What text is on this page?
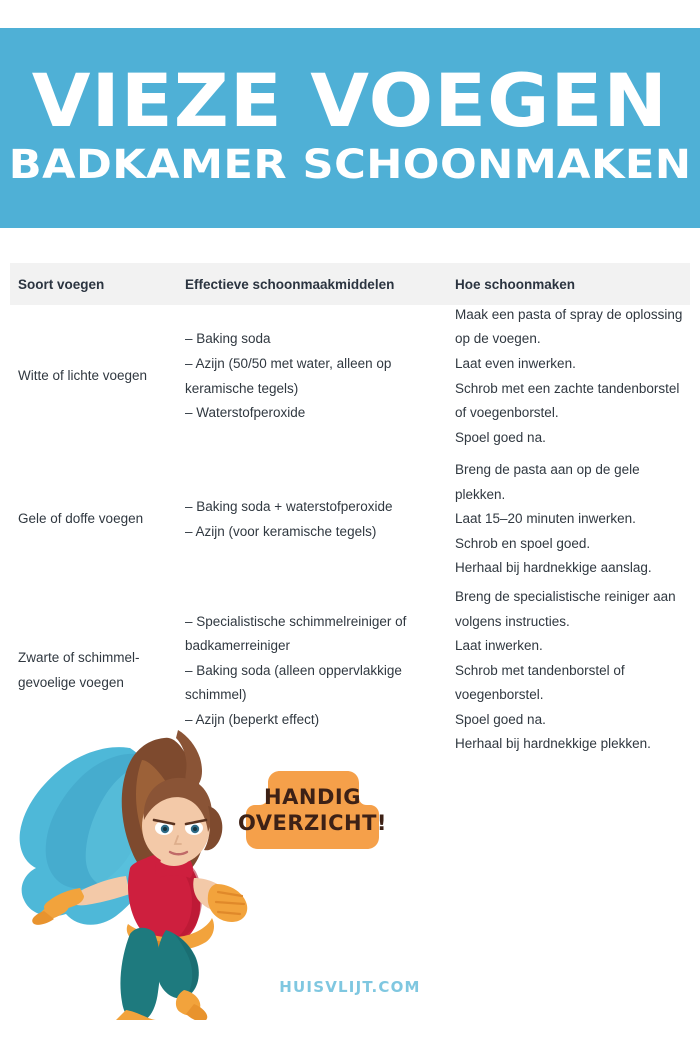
VIEZE VOEGEN
BADKAMER SCHOONMAKEN
Soort voegen	Effectieve schoonmaakmiddelen	Hoe schoonmaken
Witte of lichte voegen
– Baking soda
– Azijn (50/50 met water, alleen op keramische tegels)
– Waterstofperoxide
Maak een pasta of spray de oplossing op de voegen.
Laat even inwerken.
Schrob met een zachte tandenborstel of voegenborstel.
Spoel goed na.
Gele of doffe voegen
– Baking soda + waterstofperoxide
– Azijn (voor keramische tegels)
Breng de pasta aan op de gele plekken.
Laat 15–20 minuten inwerken.
Schrob en spoel goed.
Herhaal bij hardnekkige aanslag.
Zwarte of schimmel-gevoelige voegen
– Specialistische schimmelreiniger of badkamerreiniger
– Baking soda (alleen oppervlakkige schimmel)
– Azijn (beperkt effect)
Breng de specialistische reiniger aan volgens instructies.
Laat inwerken.
Schrob met tandenborstel of voegenborstel.
Spoel goed na.
Herhaal bij hardnekkige plekken.
HANDIG
OVERZICHT!
HUISVLIJT.COM
